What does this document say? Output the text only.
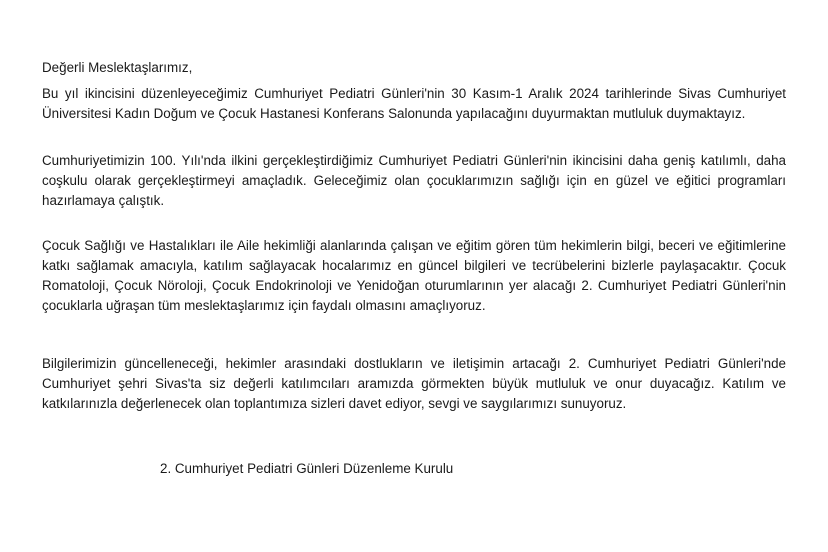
Değerli Meslektaşlarımız,
Bu yıl ikincisini düzenleyeceğimiz Cumhuriyet Pediatri Günleri'nin 30 Kasım-1 Aralık 2024 tarihlerinde Sivas Cumhuriyet Üniversitesi Kadın Doğum ve Çocuk Hastanesi Konferans Salonunda yapılacağını duyurmaktan mutluluk duymaktayız.
Cumhuriyetimizin 100. Yılı'nda ilkini gerçekleştirdiğimiz Cumhuriyet Pediatri Günleri'nin ikincisini daha geniş katılımlı, daha coşkulu olarak gerçekleştirmeyi amaçladık. Geleceğimiz olan çocuklarımızın sağlığı için en güzel ve eğitici programları hazırlamaya çalıştık.
Çocuk Sağlığı ve Hastalıkları ile Aile hekimliği alanlarında çalışan ve eğitim gören tüm hekimlerin bilgi, beceri ve eğitimlerine katkı sağlamak amacıyla, katılım sağlayacak hocalarımız en güncel bilgileri ve tecrübelerini bizlerle paylaşacaktır. Çocuk Romatoloji, Çocuk Nöroloji, Çocuk Endokrinoloji ve Yenidoğan oturumlarının yer alacağı 2. Cumhuriyet Pediatri Günleri'nin çocuklarla uğraşan tüm meslektaşlarımız için faydalı olmasını amaçlıyoruz.
Bilgilerimizin güncelleneceği, hekimler arasındaki dostlukların ve iletişimin artacağı 2. Cumhuriyet Pediatri Günleri'nde Cumhuriyet şehri Sivas'ta siz değerli katılımcıları aramızda görmekten büyük mutluluk ve onur duyacağız. Katılım ve katkılarınızla değerlenecek olan toplantımıza sizleri davet ediyor, sevgi ve saygılarımızı sunuyoruz.
2. Cumhuriyet Pediatri Günleri Düzenleme Kurulu
